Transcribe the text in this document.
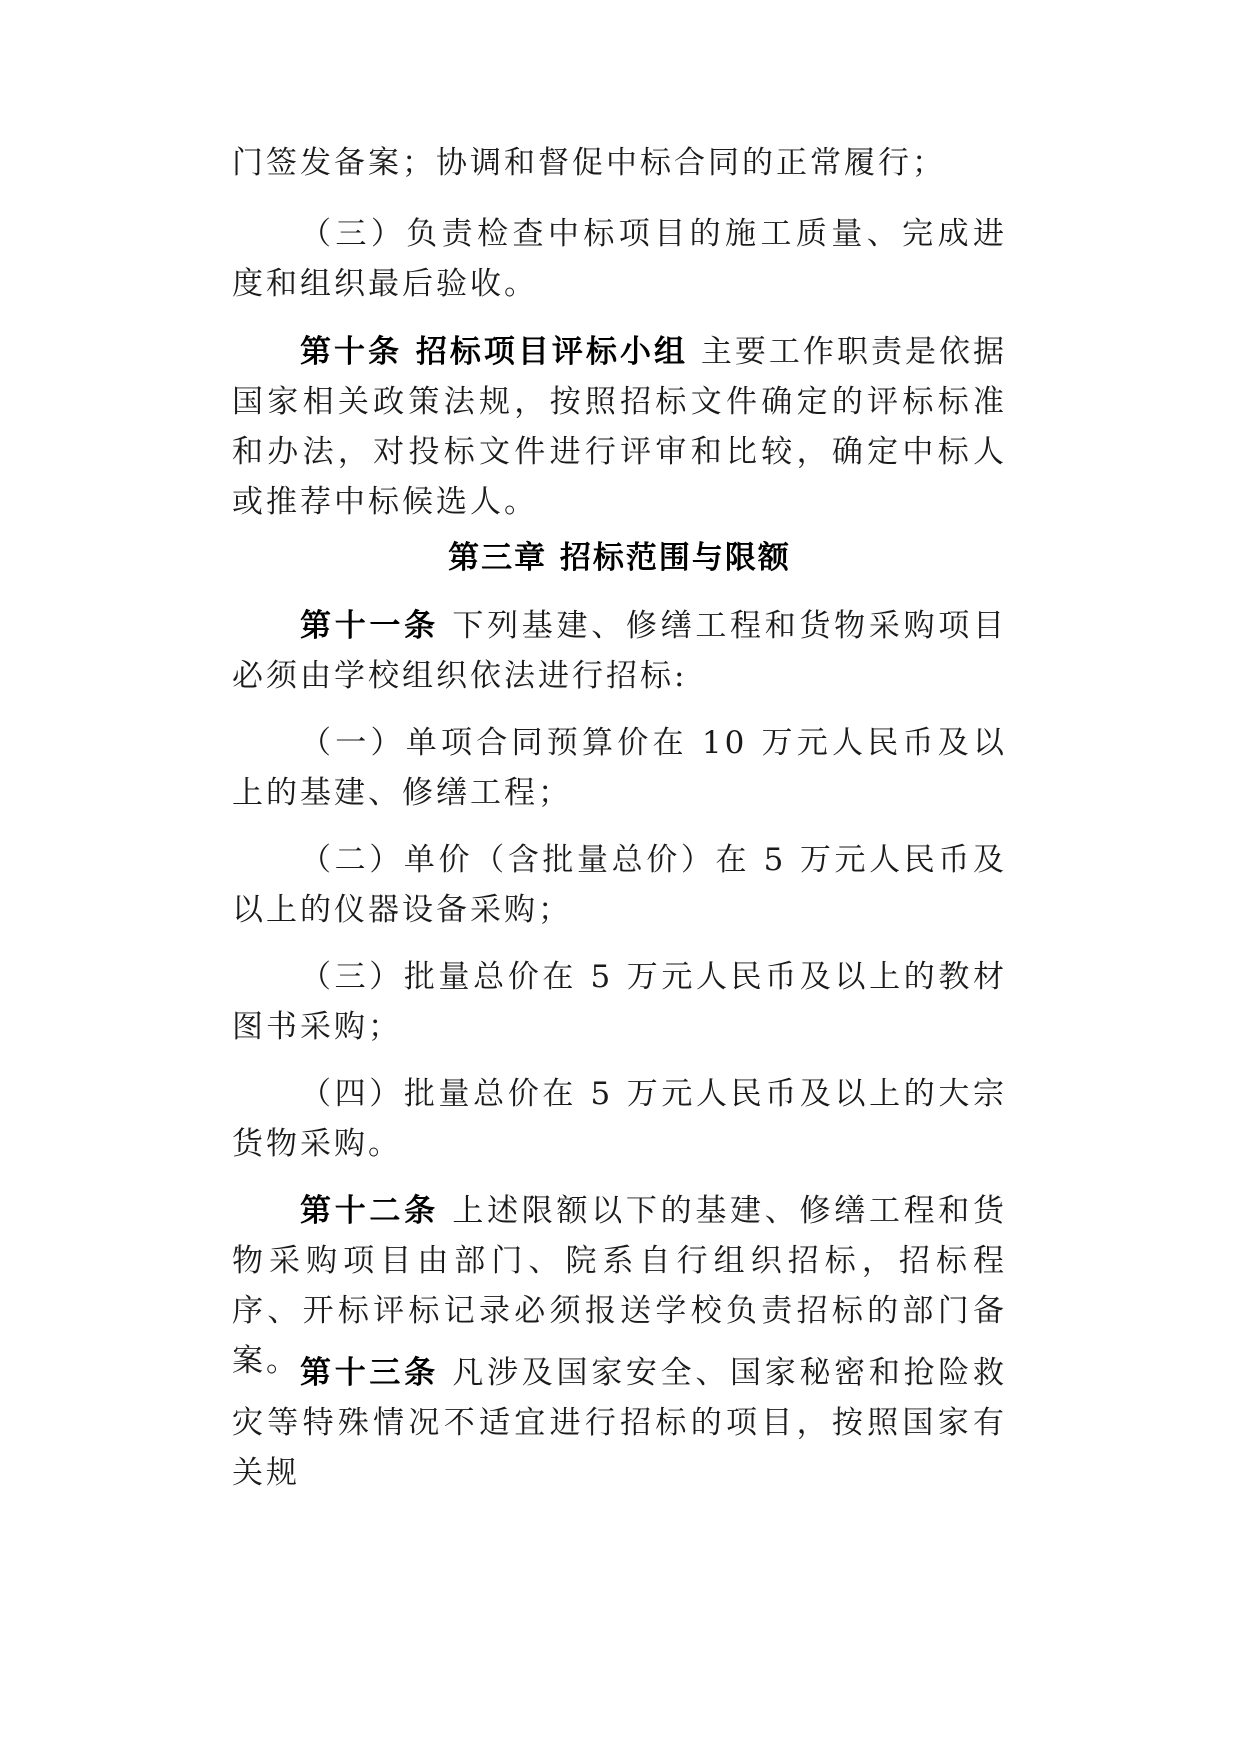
门签发备案；协调和督促中标合同的正常履行；

（三）负责检查中标项目的施工质量、完成进度和组织最后验收。

第十条 招标项目评标小组 主要工作职责是依据国家相关政策法规，按照招标文件确定的评标标准和办法，对投标文件进行评审和比较，确定中标人或推荐中标候选人。

第三章 招标范围与限额

第十一条 下列基建、修缮工程和货物采购项目必须由学校组织依法进行招标:

（一）单项合同预算价在 10 万元人民币及以上的基建、修缮工程；

（二）单价（含批量总价）在 5 万元人民币及以上的仪器设备采购；

（三）批量总价在 5 万元人民币及以上的教材图书采购；

（四）批量总价在 5 万元人民币及以上的大宗货物采购。

第十二条 上述限额以下的基建、修缮工程和货物采购项目由部门、院系自行组织招标，招标程序、开标评标记录必须报送学校负责招标的部门备案。 第十三条 凡涉及国家安全、国家秘密和抢险救灾等特殊情况不适宜进行招标的项目，按照国家有关规
